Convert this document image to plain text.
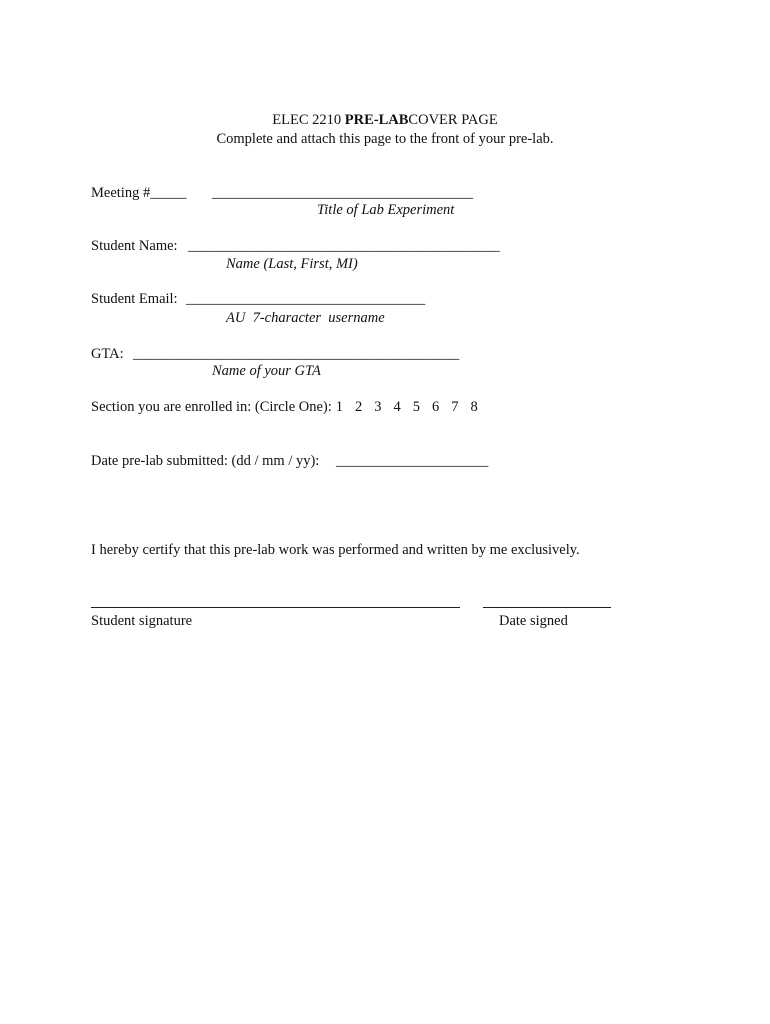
ELEC 2210 PRE-LABCOVER PAGE
Complete and attach this page to the front of your pre-lab.
Meeting #_____ ____________________________________
Title of Lab Experiment
Student Name: ___________________________________________
Name (Last, First, MI)
Student Email: _________________________________
AU  7-character  username
GTA: _____________________________________________
Name of your GTA
Section you are enrolled in: (Circle One): 1 2 3 4 5 6 7 8
Date pre-lab submitted: (dd / mm / yy): _____________________
I hereby certify that this pre-lab work was performed and written by me exclusively.
Student signature	Date signed
